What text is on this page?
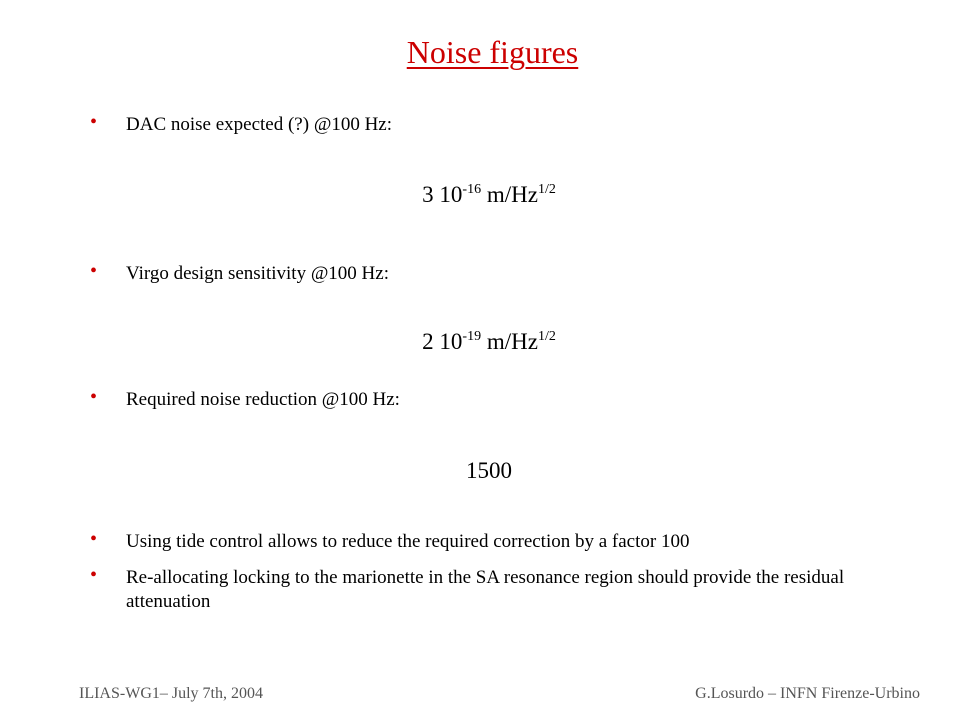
Noise figures
• DAC noise expected (?) @100 Hz:
3 $10^{-16}$ $m/Hz^{1/2}$
• Virgo design sensitivity @100 Hz:
2 $10^{-19}$ $m/Hz^{1/2}$
• Required noise reduction @100 Hz:
1500
• Using tide control allows to reduce the required correction by a factor 100
• Re-allocating locking to the marionette in the SA resonance region should provide the residual attenuation
ILIAS-WG1– July 7th, 2004	G.Losurdo – INFN Firenze-Urbino
